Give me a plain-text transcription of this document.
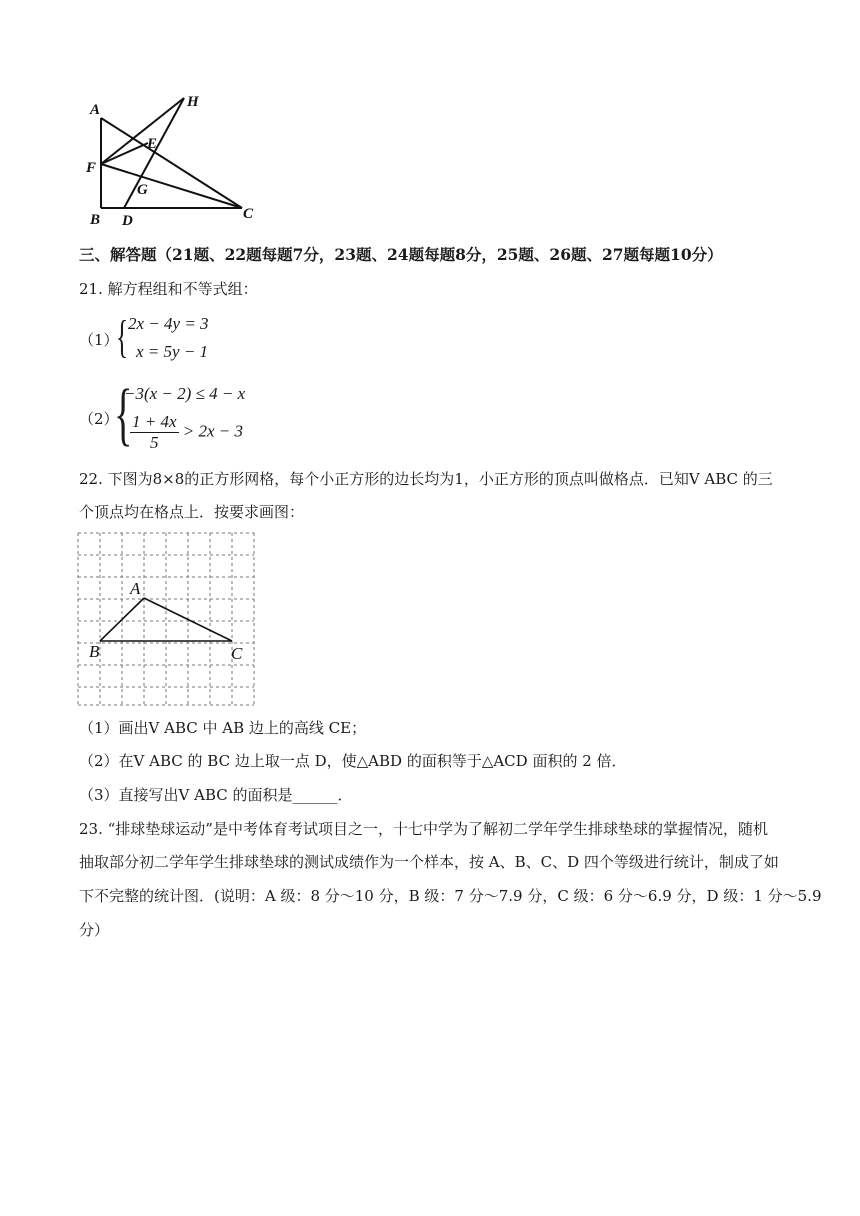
A	H
E
F
G
B D	C
三、解答题（21题、22题每题7分，23题、24题每题8分，25题、26题、27题每题10分）
21. 解方程组和不等式组：
（1）
{ 2x − 4y = 3
x = 5y − 1
（2）
{
−3(x − 2) ≤ 4 − x
$\frac{1 + 4x}{5} > 2x - 3$
22. 下图为8×8的正方形网格，每个小正方形的边长均为1，小正方形的顶点叫做格点．已知V ABC 的三
个顶点均在格点上．按要求画图：
A
B	C
（1）画出V ABC 中 AB 边上的高线 CE；
（2）在V ABC 的 BC 边上取一点 D，使△ABD 的面积等于△ACD 面积的 2 倍．
（3）直接写出V ABC 的面积是______．
23. “排球垫球运动”是中考体育考试项目之一，十七中学为了解初二学年学生排球垫球的掌握情况，随机
抽取部分初二学年学生排球垫球的测试成绩作为一个样本，按 A、B、C、D 四个等级进行统计，制成了如
下不完整的统计图．(说明：A 级：8 分～10 分，B 级：7 分～7.9 分，C 级：6 分～6.9 分，D 级：1 分～5.9
分）
